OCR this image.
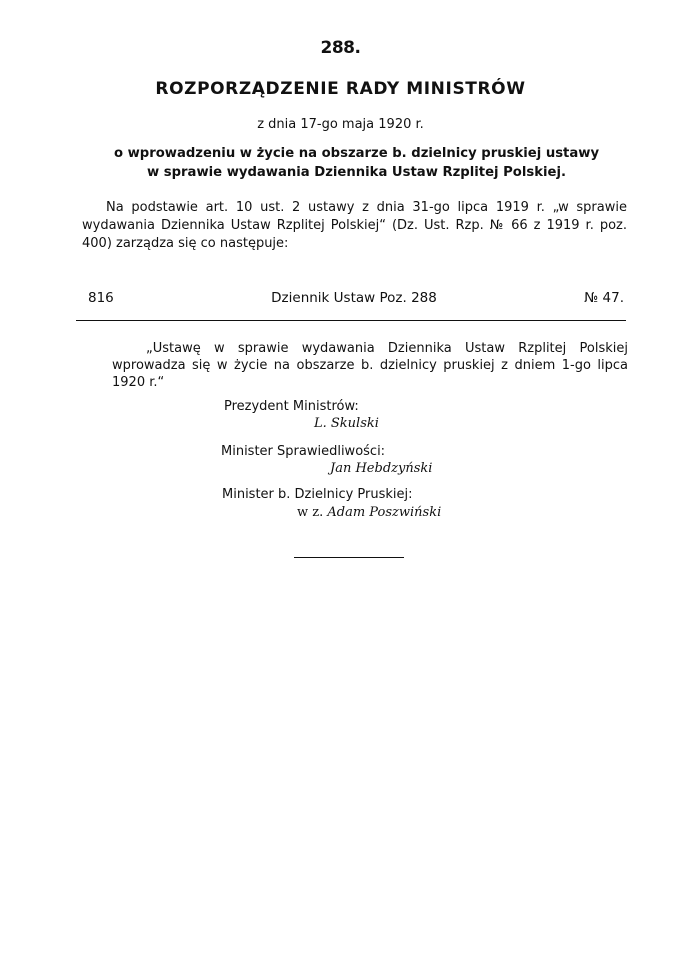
288.
ROZPORZĄDZENIE RADY MINISTRÓW
z dnia 17-go maja 1920 r.
o wprowadzeniu w życie na obszarze b. dzielnicy pruskiej ustawy
w sprawie wydawania Dziennika Ustaw Rzplitej Polskiej.
Na podstawie art. 10 ust. 2 ustawy z dnia 31-go lipca 1919 r. „w sprawie wydawania Dziennika Ustaw Rzplitej Polskiej“ (Dz. Ust. Rzp. № 66 z 1919 r. poz. 400) zarządza się co następuje:
816	Dziennik Ustaw Poz. 288	№ 47.
„Ustawę w sprawie wydawania Dziennika Ustaw Rzplitej Polskiej wprowadza się w życie na obszarze b. dzielnicy pruskiej z dniem 1-go lipca 1920 r.“
Prezydent Ministrów:
L. Skulski
Minister Sprawiedliwości:
Jan Hebdzyński
Minister b. Dzielnicy Pruskiej:
w z. Adam Poszwiński
